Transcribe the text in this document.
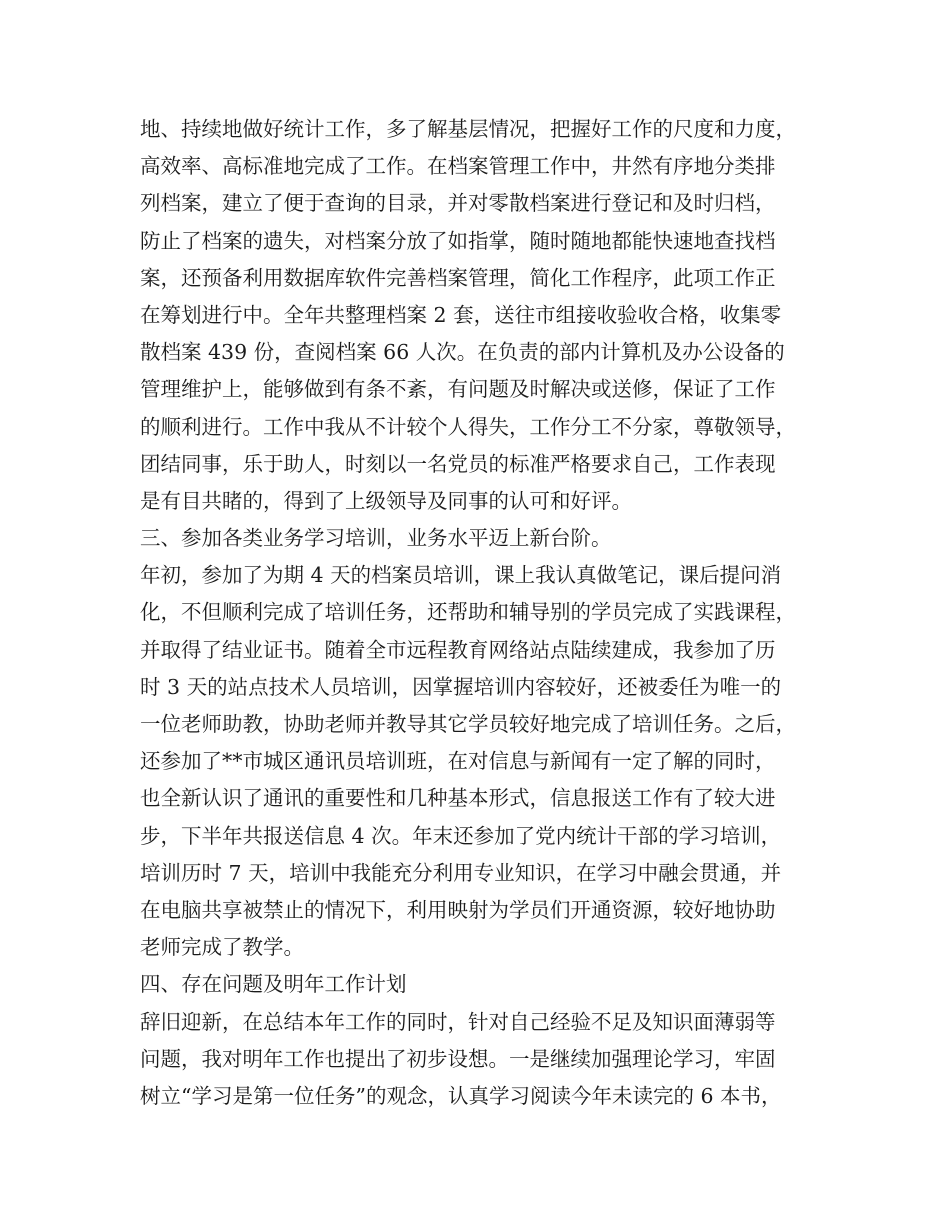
地、持续地做好统计工作，多了解基层情况，把握好工作的尺度和力度，
高效率、高标准地完成了工作。在档案管理工作中，井然有序地分类排
列档案，建立了便于查询的目录，并对零散档案进行登记和及时归档，
防止了档案的遗失，对档案分放了如指掌，随时随地都能快速地查找档
案，还预备利用数据库软件完善档案管理，简化工作程序，此项工作正
在筹划进行中。全年共整理档案 2 套，送往市组接收验收合格，收集零
散档案 439 份，查阅档案 66 人次。在负责的部内计算机及办公设备的
管理维护上，能够做到有条不紊，有问题及时解决或送修，保证了工作
的顺利进行。工作中我从不计较个人得失，工作分工不分家，尊敬领导，
团结同事，乐于助人，时刻以一名党员的标准严格要求自己，工作表现
是有目共睹的，得到了上级领导及同事的认可和好评。
三、参加各类业务学习培训，业务水平迈上新台阶。
年初，参加了为期 4 天的档案员培训，课上我认真做笔记，课后提问消
化，不但顺利完成了培训任务，还帮助和辅导别的学员完成了实践课程，
并取得了结业证书。随着全市远程教育网络站点陆续建成，我参加了历
时 3 天的站点技术人员培训，因掌握培训内容较好，还被委任为唯一的
一位老师助教，协助老师并教导其它学员较好地完成了培训任务。之后，
还参加了**市城区通讯员培训班，在对信息与新闻有一定了解的同时，
也全新认识了通讯的重要性和几种基本形式，信息报送工作有了较大进
步，下半年共报送信息 4 次。年末还参加了党内统计干部的学习培训，
培训历时 7 天，培训中我能充分利用专业知识，在学习中融会贯通，并
在电脑共享被禁止的情况下，利用映射为学员们开通资源，较好地协助
老师完成了教学。
四、存在问题及明年工作计划
辞旧迎新，在总结本年工作的同时，针对自己经验不足及知识面薄弱等
问题，我对明年工作也提出了初步设想。一是继续加强理论学习，牢固
树立“学习是第一位任务”的观念，认真学习阅读今年未读完的 6 本书，
